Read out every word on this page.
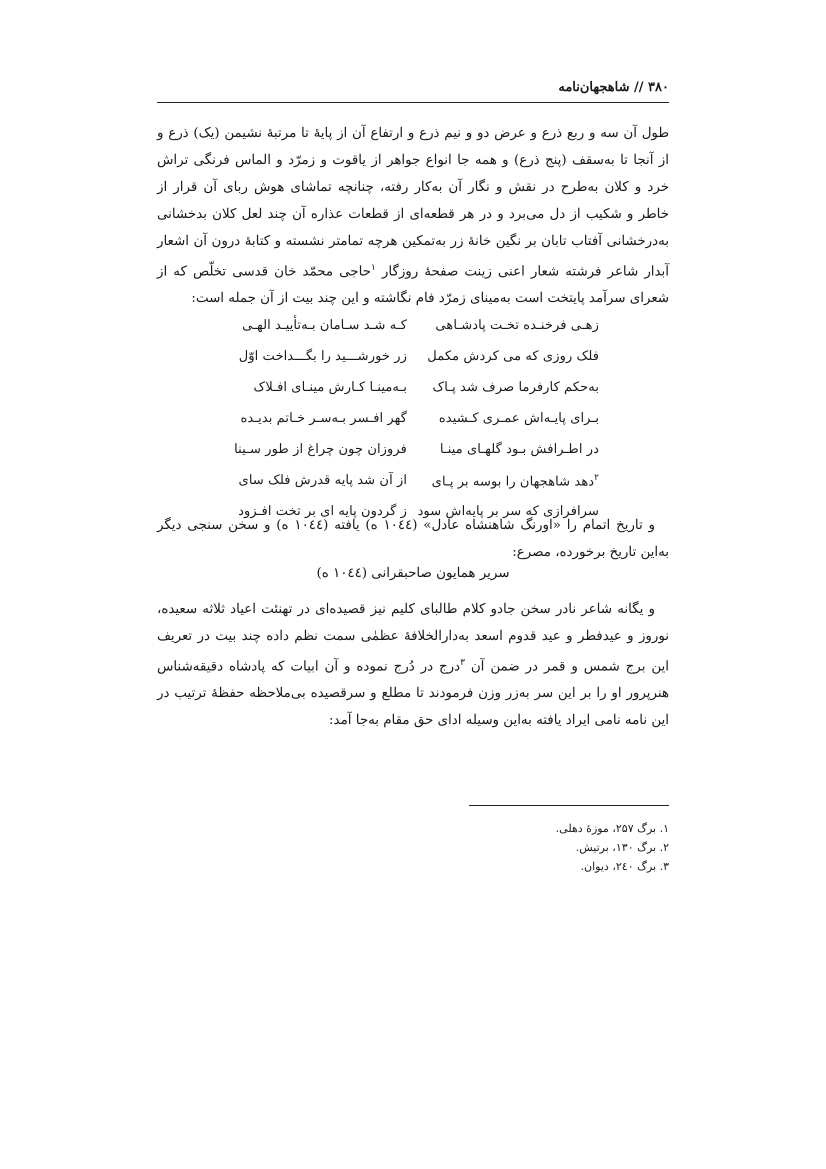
۳۸۰ // شاهجهان‌نامه

طول آن سه و ربع ذرع و عرض دو و نیم ذرع و ارتفاع آن از پایهٔ تا مرتبهٔ نشیمن (یک) ذرع و از آنجا تا به‌سقف (پنج ذرع) و همه جا انواع جواهر از یاقوت و زمرّد و الماس فرنگی تراش خرد و کلان به‌طرح در نقش و نگار آن به‌کار رفته، چنانچه تماشای هوش ربای آن قرار از خاطر و شکیب از دل می‌برد و در هر قطعه‌ای از قطعات عذاره آن چند لعل کلان بدخشانی به‌درخشانی آفتاب تابان بر نگین خانهٔ زر به‌تمکین هرچه تمامتر نشسته و کتابهٔ درون آن اشعار آبدار شاعر فرشته شعار اعنی زینت صفحهٔ روزگار $^۱$حاجی محمّد خان قدسی تخلّص که از شعرای سرآمد پایتخت است به‌مینای زمرّد فام نگاشته و این چند بیت از آن جمله است:

زهـی فرخنـده تخـت پادشـاهی
کـه شـد سـامان بـه‌تأییـد الهـی
فلک روزی که می کردش مکمل
زر خورشـــید را بگـــداخت اوّل
به‌حکم کارفرما صرف شد پـاک
بـه‌مینـا کـارش مینـای افـلاک
بـرای پایـه‌اش عمـری کـشیده
گهر افـسر بـه‌سـر خـاتم بدیـده
در اطـرافش بـود گلهـای مینـا
فروزان چون چراغ از طور سـینا
$^۲$دهد شاهجهان را بوسه بر پـای
از آن شد پایه قدرش فلک سای
سرافرازی که سر بر پایه‌اش سود
ز گردون پایه ای بر تخت افـزود

و تاریخ اتمام را «اورنگ شاهنشاه عادل» (۱۰٤٤ ه) یافته (۱۰٤٤ ه) و سخن سنجی دیگر به‌این تاریخ برخورده، مصرع:

سریر همایون صاحبقرانی (۱۰٤٤ ه)

و یگانه شاعر نادر سخن جادو کلام طالبای کلیم نیز قصیده‌ای در تهنئت اعیاد ثلاثه سعیده، نوروز و عیدفطر و عید قدوم اسعد به‌دارالخلافهٔ عظمٰی سمت نظم داده چند بیت در تعریف این برج شمس و قمر در ضمن آن $^۳$درج در دُرج نموده و آن ابیات که پادشاه دقیقه‌شناس هنرپرور او را بر این سر به‌زر وزن فرمودند تا مطلع و سرقصیده بی‌ملاحظه حفظهٔ ترتیب در این نامه نامی ایراد یافته به‌این وسیله ادای حق مقام به‌جا آمد:

۱. برگ ۲۵۷، موزهٔ دهلی.
۲. برگ ۱۳۰، برتیش.
۳. برگ ۲٤۰، دیوان.
